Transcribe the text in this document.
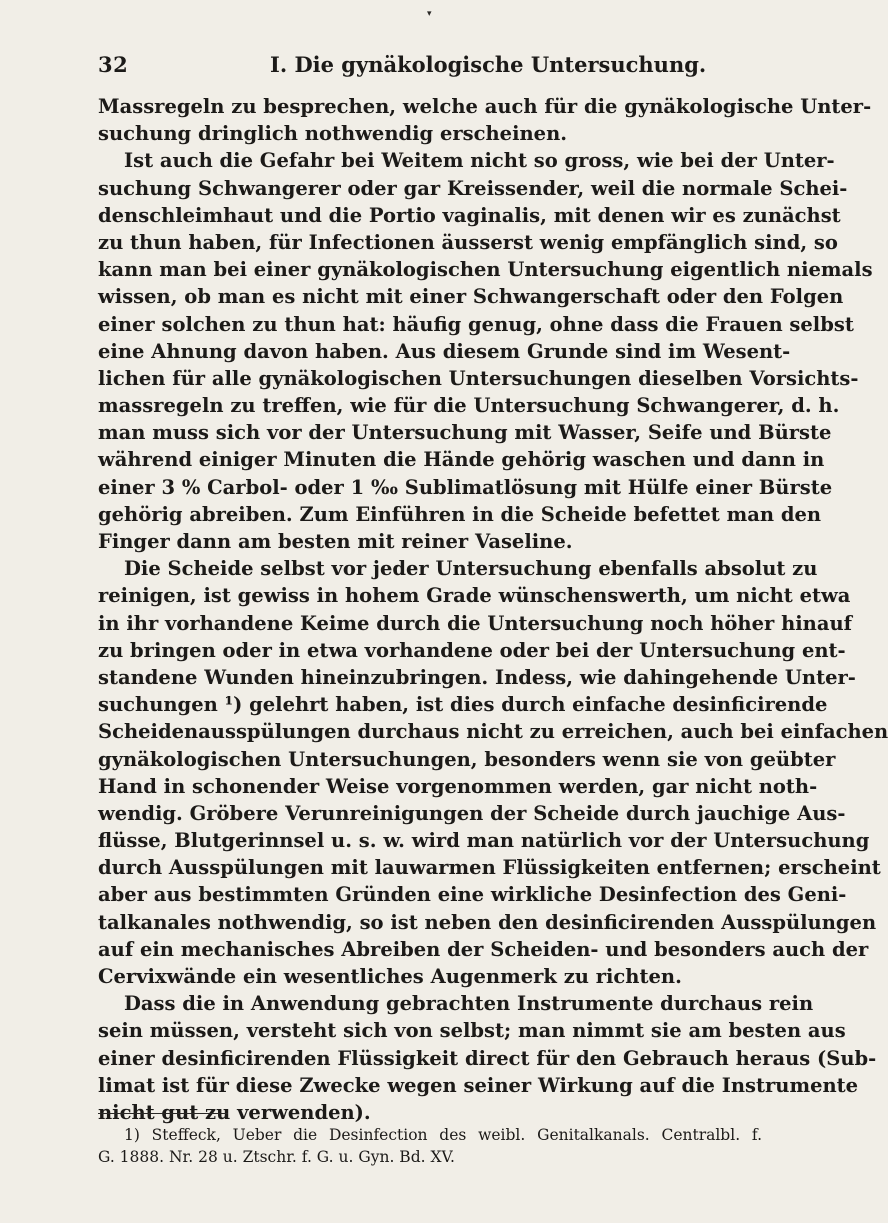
▾
32	I. Die gynäkologische Untersuchung.
Massregeln zu besprechen, welche auch für die gynäkologische Unter-
suchung dringlich nothwendig erscheinen.
Ist auch die Gefahr bei Weitem nicht so gross, wie bei der Unter-
suchung Schwangerer oder gar Kreissender, weil die normale Schei-
denschleimhaut und die Portio vaginalis, mit denen wir es zunächst
zu thun haben, für Infectionen äusserst wenig empfänglich sind, so
kann man bei einer gynäkologischen Untersuchung eigentlich niemals
wissen, ob man es nicht mit einer Schwangerschaft oder den Folgen
einer solchen zu thun hat: häufig genug, ohne dass die Frauen selbst
eine Ahnung davon haben. Aus diesem Grunde sind im Wesent-
lichen für alle gynäkologischen Untersuchungen dieselben Vorsichts-
massregeln zu treffen, wie für die Untersuchung Schwangerer, d. h.
man muss sich vor der Untersuchung mit Wasser, Seife und Bürste
während einiger Minuten die Hände gehörig waschen und dann in
einer 3 % Carbol- oder 1 ‰ Sublimatlösung mit Hülfe einer Bürste
gehörig abreiben. Zum Einführen in die Scheide befettet man den
Finger dann am besten mit reiner Vaseline.
Die Scheide selbst vor jeder Untersuchung ebenfalls absolut zu
reinigen, ist gewiss in hohem Grade wünschenswerth, um nicht etwa
in ihr vorhandene Keime durch die Untersuchung noch höher hinauf
zu bringen oder in etwa vorhandene oder bei der Untersuchung ent-
standene Wunden hineinzubringen. Indess, wie dahingehende Unter-
suchungen ¹) gelehrt haben, ist dies durch einfache desinficirende
Scheidenausspülungen durchaus nicht zu erreichen, auch bei einfachen
gynäkologischen Untersuchungen, besonders wenn sie von geübter
Hand in schonender Weise vorgenommen werden, gar nicht noth-
wendig. Gröbere Verunreinigungen der Scheide durch jauchige Aus-
flüsse, Blutgerinnsel u. s. w. wird man natürlich vor der Untersuchung
durch Ausspülungen mit lauwarmen Flüssigkeiten entfernen; erscheint
aber aus bestimmten Gründen eine wirkliche Desinfection des Geni-
talkanales nothwendig, so ist neben den desinficirenden Ausspülungen
auf ein mechanisches Abreiben der Scheiden- und besonders auch der
Cervixwände ein wesentliches Augenmerk zu richten.
Dass die in Anwendung gebrachten Instrumente durchaus rein
sein müssen, versteht sich von selbst; man nimmt sie am besten aus
einer desinficirenden Flüssigkeit direct für den Gebrauch heraus (Sub-
limat ist für diese Zwecke wegen seiner Wirkung auf die Instrumente
nicht gut zu verwenden).
1) Steffeck, Ueber die Desinfection des weibl. Genitalkanals. Centralbl. f.
G. 1888. Nr. 28 u. Ztschr. f. G. u. Gyn. Bd. XV.
